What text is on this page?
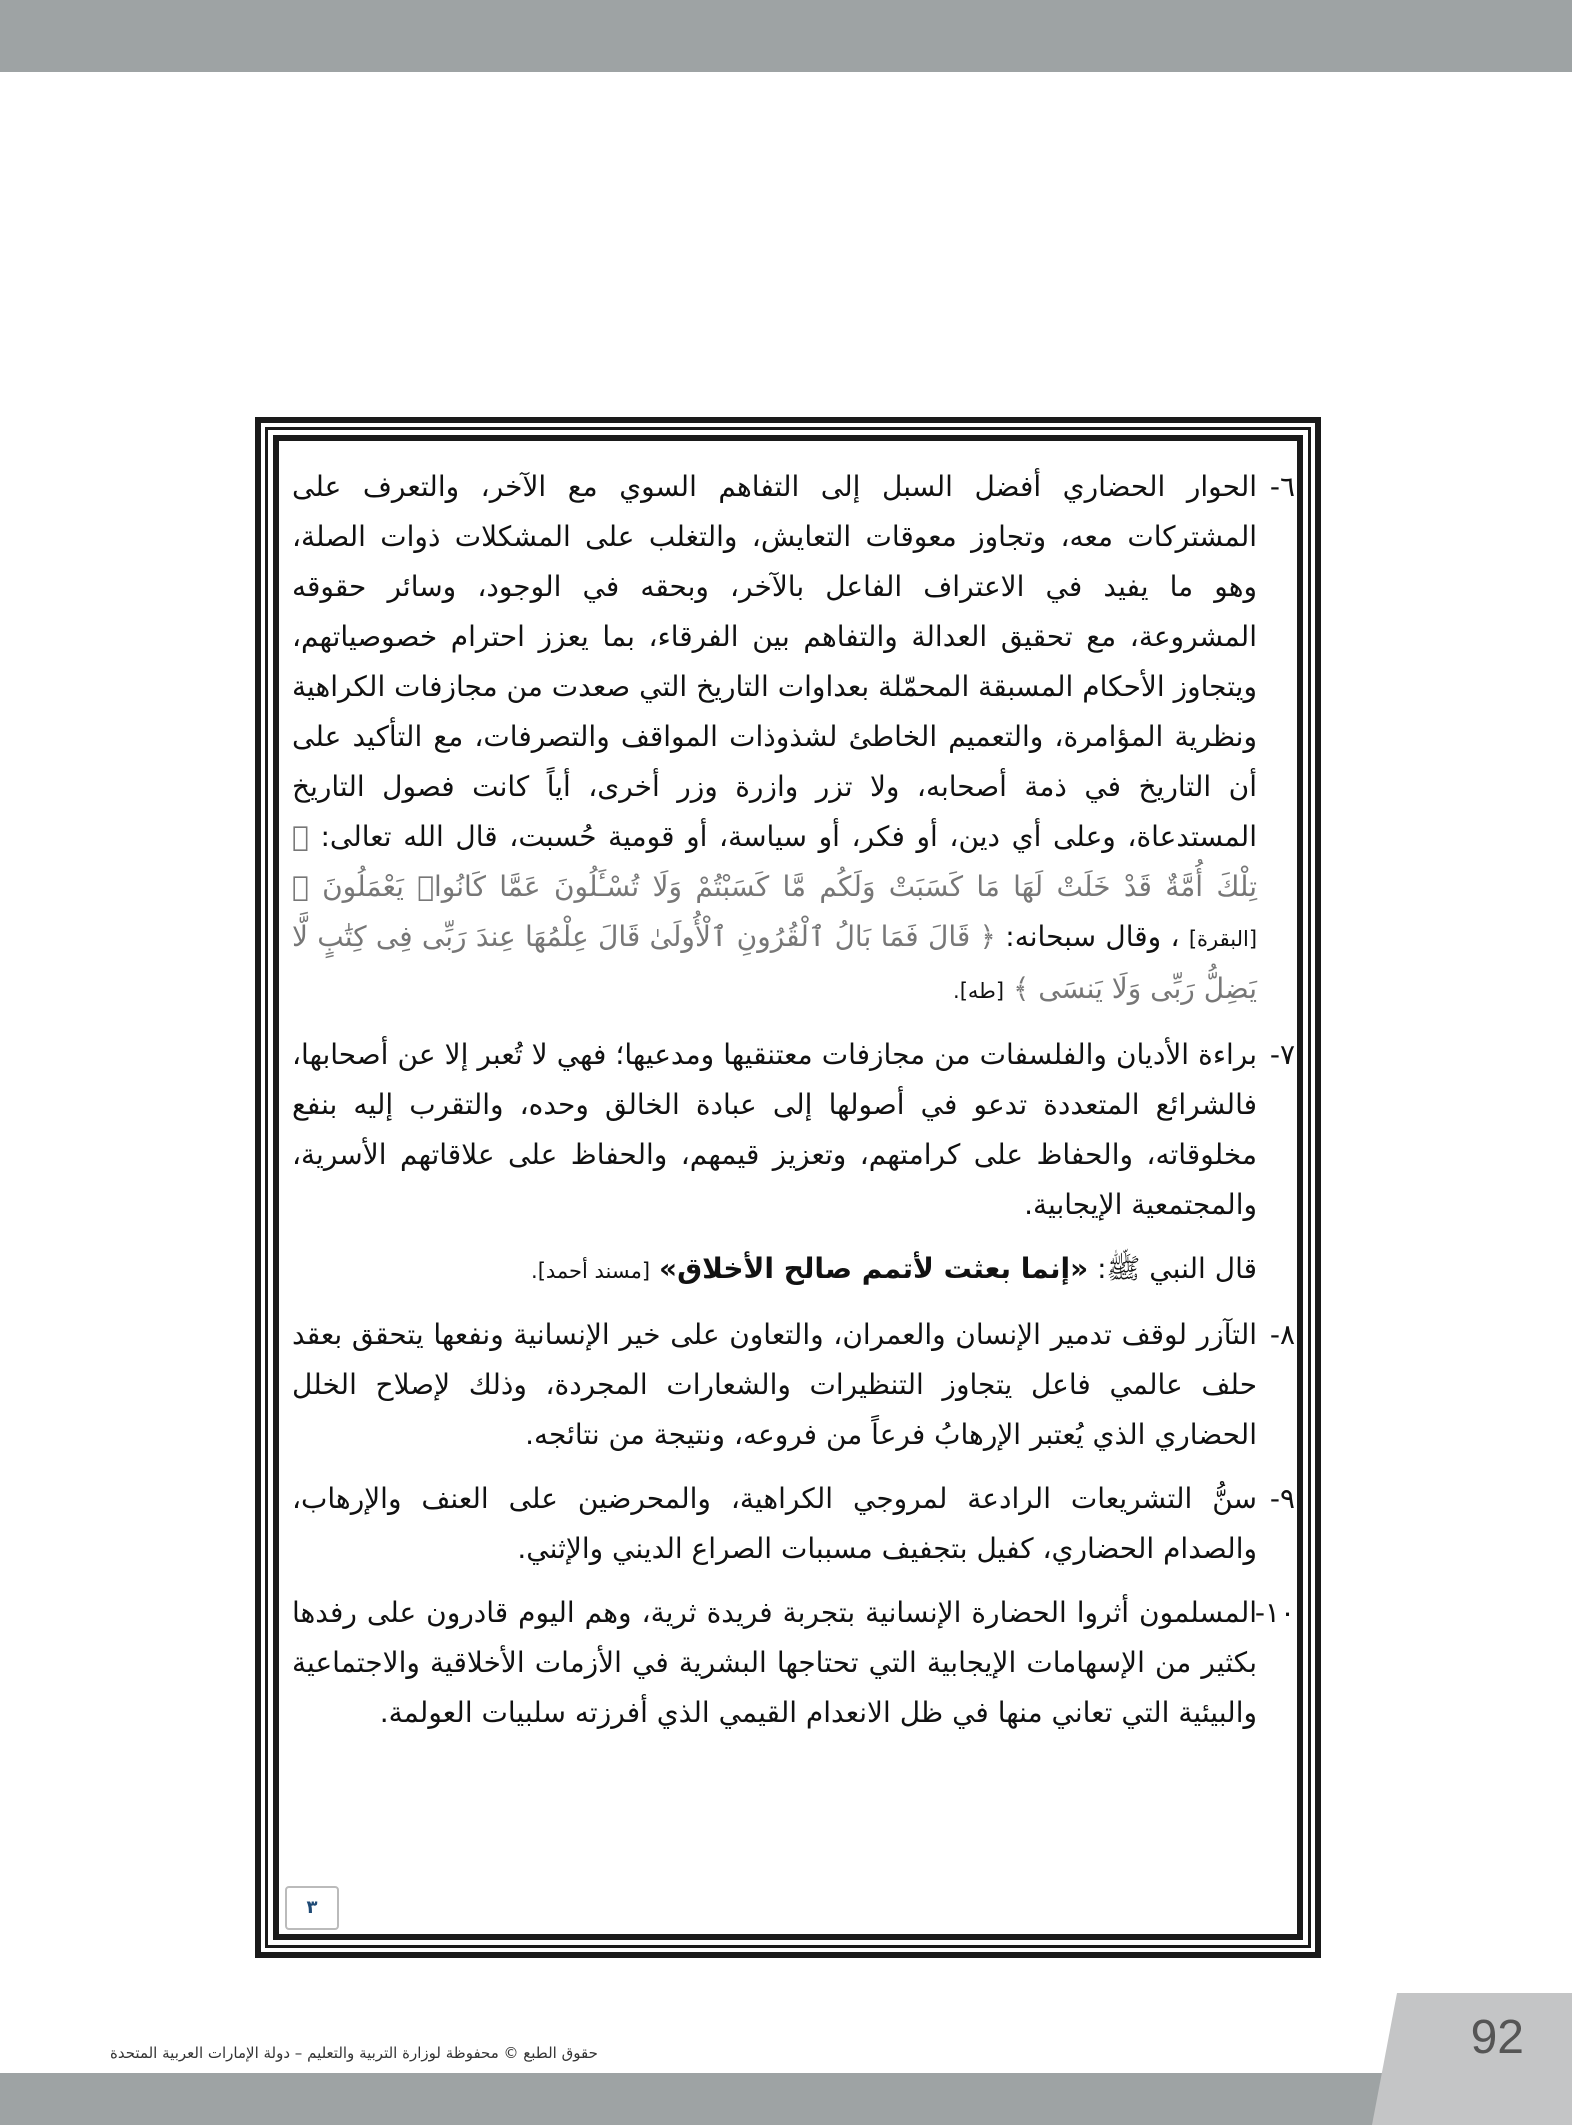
٣
٦-
الحوار الحضاري أفضل السبل إلى التفاهم السوي مع الآخر، والتعرف على المشتركات معه، وتجاوز معوقات التعايش، والتغلب على المشكلات ذوات الصلة، وهو ما يفيد في الاعتراف الفاعل بالآخر، وبحقه في الوجود، وسائر حقوقه المشروعة، مع تحقيق العدالة والتفاهم بين الفرقاء، بما يعزز احترام خصوصياتهم، ويتجاوز الأحكام المسبقة المحمّلة بعداوات التاريخ التي صعدت من مجازفات الكراهية ونظرية المؤامرة، والتعميم الخاطئ لشذوذات المواقف والتصرفات، مع التأكيد على أن التاريخ في ذمة أصحابه، ولا تزر وازرة وزر أخرى، أياً كانت فصول التاريخ المستدعاة، وعلى أي دين، أو فكر، أو سياسة، أو قومية حُسبت، قال الله تعالى: ﴿ تِلْكَ أُمَّةٌ قَدْ خَلَتْ لَهَا مَا كَسَبَتْ وَلَكُم مَّا كَسَبْتُمْ وَلَا تُسْـَٔلُونَ عَمَّا كَانُوا۟ يَعْمَلُونَ ﴾ [البقرة] ، وقال سبحانه: ﴿ قَالَ فَمَا بَالُ ٱلْقُرُونِ ٱلْأُولَىٰ قَالَ عِلْمُهَا عِندَ رَبِّى فِى كِتَٰبٍ لَّا يَضِلُّ رَبِّى وَلَا يَنسَى ﴾ [طه].
٧-
براءة الأديان والفلسفات من مجازفات معتنقيها ومدعيها؛ فهي لا تُعبر إلا عن أصحابها، فالشرائع المتعددة تدعو في أصولها إلى عبادة الخالق وحده، والتقرب إليه بنفع مخلوقاته، والحفاظ على كرامتهم، وتعزيز قيمهم، والحفاظ على علاقاتهم الأسرية، والمجتمعية الإيجابية.
قال النبي ﷺ: «إنما بعثت لأتمم صالح الأخلاق» [مسند أحمد].
٨-
التآزر لوقف تدمير الإنسان والعمران، والتعاون على خير الإنسانية ونفعها يتحقق بعقد حلف عالمي فاعل يتجاوز التنظيرات والشعارات المجردة، وذلك لإصلاح الخلل الحضاري الذي يُعتبر الإرهابُ فرعاً من فروعه، ونتيجة من نتائجه.
٩-
سنُّ التشريعات الرادعة لمروجي الكراهية، والمحرضين على العنف والإرهاب، والصدام الحضاري، كفيل بتجفيف مسببات الصراع الديني والإثني.
١٠-
المسلمون أثروا الحضارة الإنسانية بتجربة فريدة ثرية، وهم اليوم قادرون على رفدها بكثير من الإسهامات الإيجابية التي تحتاجها البشرية في الأزمات الأخلاقية والاجتماعية والبيئية التي تعاني منها في ظل الانعدام القيمي الذي أفرزته سلبيات العولمة.
حقوق الطبع © محفوظة لوزارة التربية والتعليم – دولة الإمارات العربية المتحدة	92
